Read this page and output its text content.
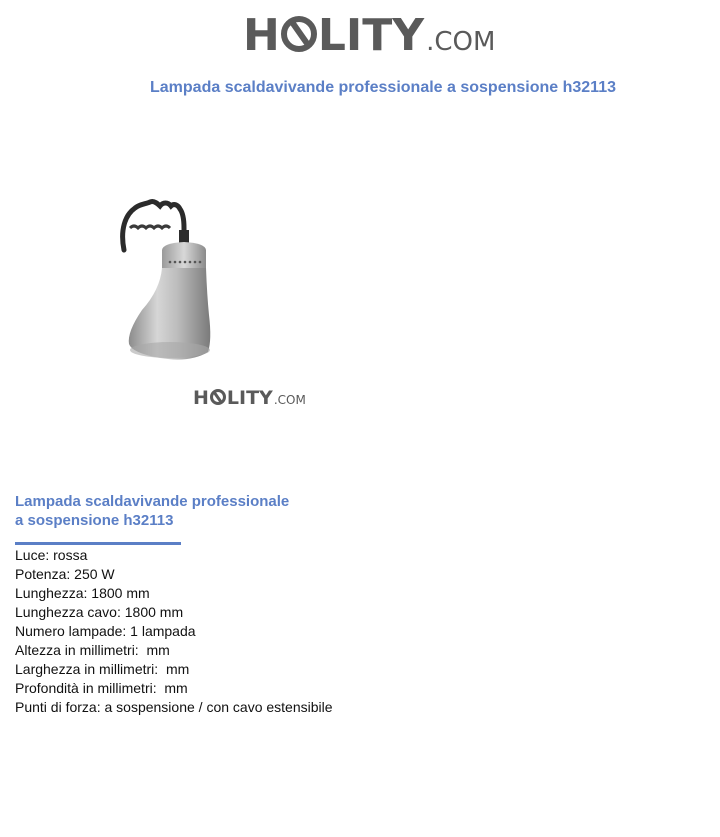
H LITY .COM
Lampada scaldavivande professionale a sospensione h32113
H LITY .COM
Lampada scaldavivande professionale
a sospensione h32113
Luce: rossa
Potenza: 250 W
Lunghezza: 1800 mm
Lunghezza cavo: 1800 mm
Numero lampade: 1 lampada
Altezza in millimetri:  mm
Larghezza in millimetri:  mm
Profondità in millimetri:  mm
Punti di forza: a sospensione / con cavo estensibile
